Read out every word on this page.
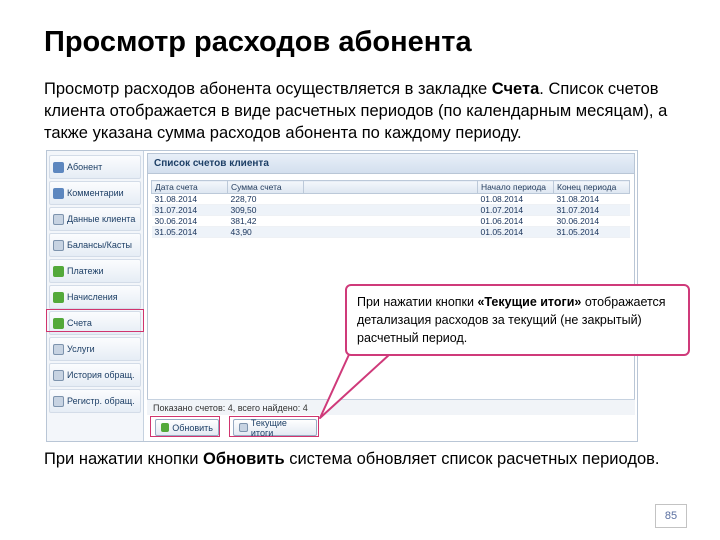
Просмотр расходов абонента
Просмотр расходов абонента осуществляется в закладке Счета. Список счетов клиента отображается в виде расчетных периодов (по календарным месяцам), а также указана сумма расходов абонента по каждому периоду.
Абонент
Комментарии
Данные клиента
Балансы/Касты
Платежи
Начисления
Счета
Услуги
История обращ.
Регистр. обращ.
Список счетов клиента
Дата счета	Сумма счета		Начало периода	Конец периода
31.08.2014	228,70		01.08.2014	31.08.2014
31.07.2014	309,50		01.07.2014	31.07.2014
30.06.2014	381,42		01.06.2014	30.06.2014
31.05.2014	43,90		01.05.2014	31.05.2014
Показано счетов: 4, всего найдено: 4
Обновить	Текущие итоги
При нажатии кнопки «Текущие итоги» отображается детализация расходов за текущий (не закрытый) расчетный период.
При нажатии кнопки Обновить система обновляет список расчетных периодов.
85
